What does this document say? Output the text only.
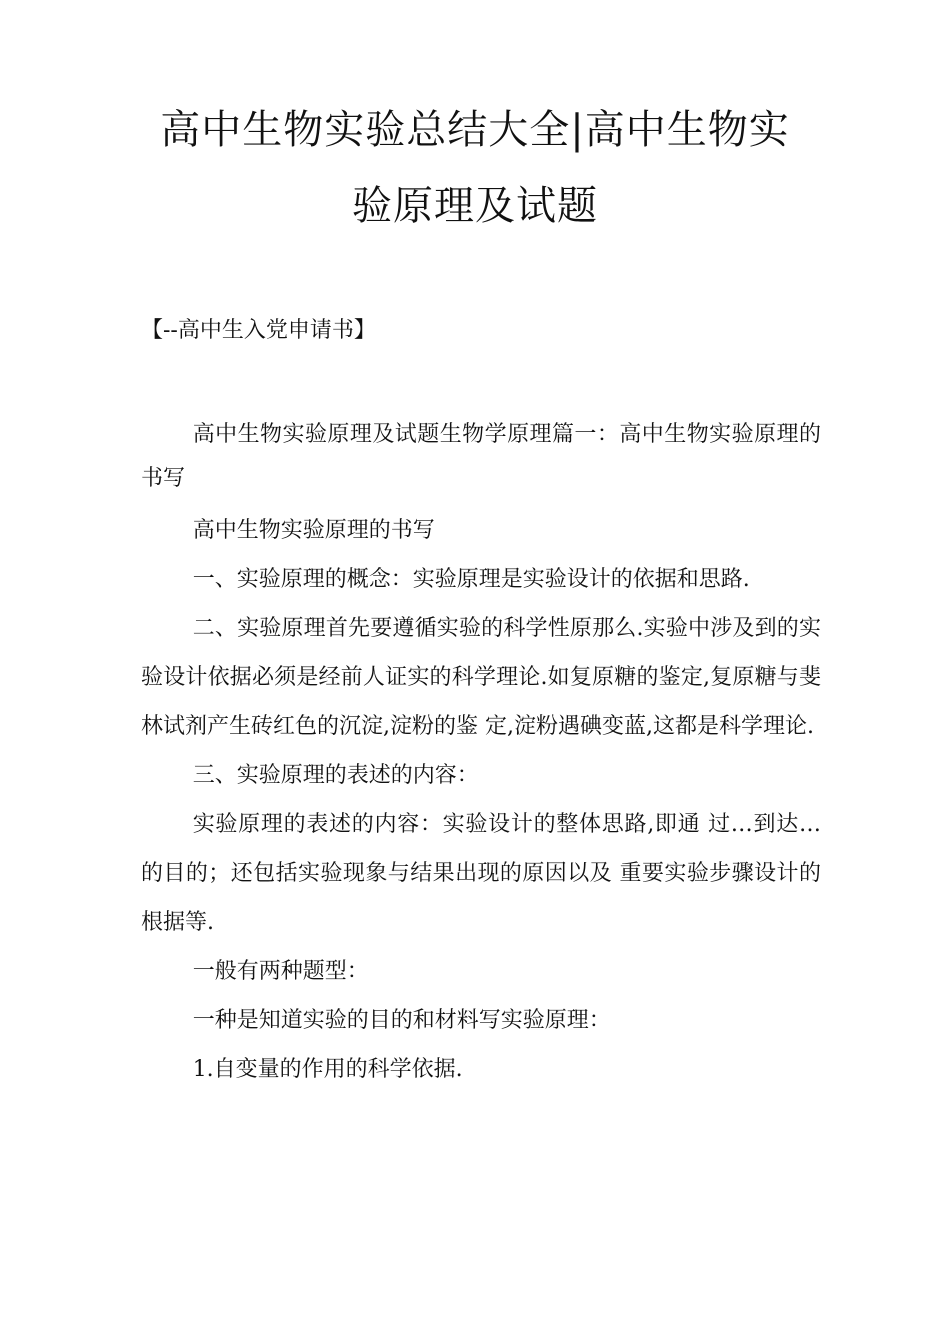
高中生物实验总结大全|高中生物实
验原理及试题
【--高中生入党申请书】

高中生物实验原理及试题生物学原理篇一：高中生物实验原理的书写

高中生物实验原理的书写

一、实验原理的概念：实验原理是实验设计的依据和思路.

二、实验原理首先要遵循实验的科学性原那么.实验中涉及到的实验设计依据必须是经前人证实的科学理论.如复原糖的鉴定,复原糖与斐林试剂产生砖红色的沉淀,淀粉的鉴 定,淀粉遇碘变蓝,这都是科学理论.

三、实验原理的表述的内容：

实验原理的表述的内容：实验设计的整体思路,即通 过…到达…的目的；还包括实验现象与结果出现的原因以及 重要实验步骤设计的根据等.

一般有两种题型：

一种是知道实验的目的和材料写实验原理：

1.自变量的作用的科学依据.
